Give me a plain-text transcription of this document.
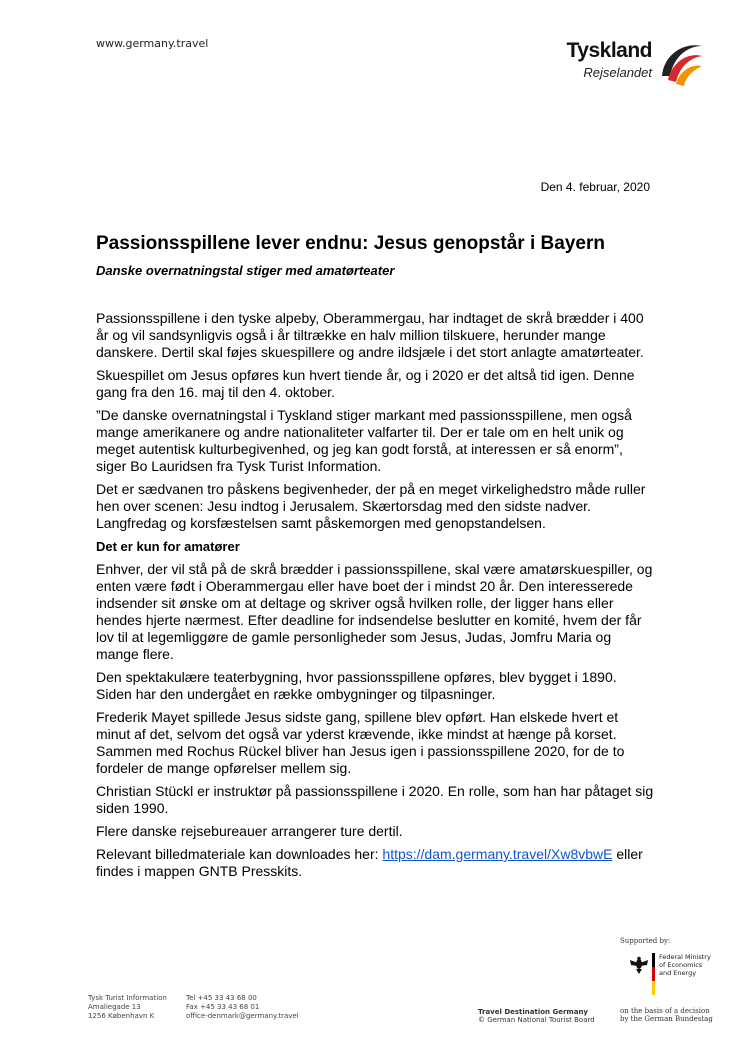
www.germany.travel	Tyskland
Rejselandet
Den 4. februar, 2020
Passionsspillene lever endnu: Jesus genopstår i Bayern
Danske overnatningstal stiger med amatørteater

Passionsspillene i den tyske alpeby, Oberammergau, har indtaget de skrå brædder i 400 år og vil sandsynligvis også i år tiltrække en halv million tilskuere, herunder mange danskere. Dertil skal føjes skuespillere og andre ildsjæle i det stort anlagte amatørteater.

Skuespillet om Jesus opføres kun hvert tiende år, og i 2020 er det altså tid igen. Denne gang fra den 16. maj til den 4. oktober.

”De danske overnatningstal i Tyskland stiger markant med passionsspillene, men også mange amerikanere og andre nationaliteter valfarter til. Der er tale om en helt unik og meget autentisk kulturbegivenhed, og jeg kan godt forstå, at interessen er så enorm”, siger Bo Lauridsen fra Tysk Turist Information.

Det er sædvanen tro påskens begivenheder, der på en meget virkelighedstro måde ruller hen over scenen: Jesu indtog i Jerusalem. Skærtorsdag med den sidste nadver. Langfredag og korsfæstelsen samt påskemorgen med genopstandelsen.

Det er kun for amatører

Enhver, der vil stå på de skrå brædder i passionsspillene, skal være amatørskuespiller, og enten være født i Oberammergau eller have boet der i mindst 20 år. Den interesserede indsender sit ønske om at deltage og skriver også hvilken rolle, der ligger hans eller hendes hjerte nærmest. Efter deadline for indsendelse beslutter en komité, hvem der får lov til at legemliggøre de gamle personligheder som Jesus, Judas, Jomfru Maria og mange flere.

Den spektakulære teaterbygning, hvor passionsspillene opføres, blev bygget i 1890. Siden har den undergået en række ombygninger og tilpasninger.

Frederik Mayet spillede Jesus sidste gang, spillene blev opført. Han elskede hvert et minut af det, selvom det også var yderst krævende, ikke mindst at hænge på korset. Sammen med Rochus Rückel bliver han Jesus igen i passionsspillene 2020, for de to fordeler de mange opførelser mellem sig.

Christian Stückl er instruktør på passionsspillene i 2020. En rolle, som han har påtaget sig siden 1990.

Flere danske rejsebureauer arrangerer ture dertil.

Relevant billedmateriale kan downloades her: https://dam.germany.travel/Xw8vbwE eller findes i mappen GNTB Presskits.

Supported by:
Federal Ministry
of Economics
and Energy
on the basis of a decision
by the German Bundestag
Tysk Turist Information
Amaliegade 13
1256 København K
Tel +45 33 43 68 00
Fax +45 33 43 68 01
office-denmark@germany.travel	Travel Destination Germany
© German National Tourist Board
